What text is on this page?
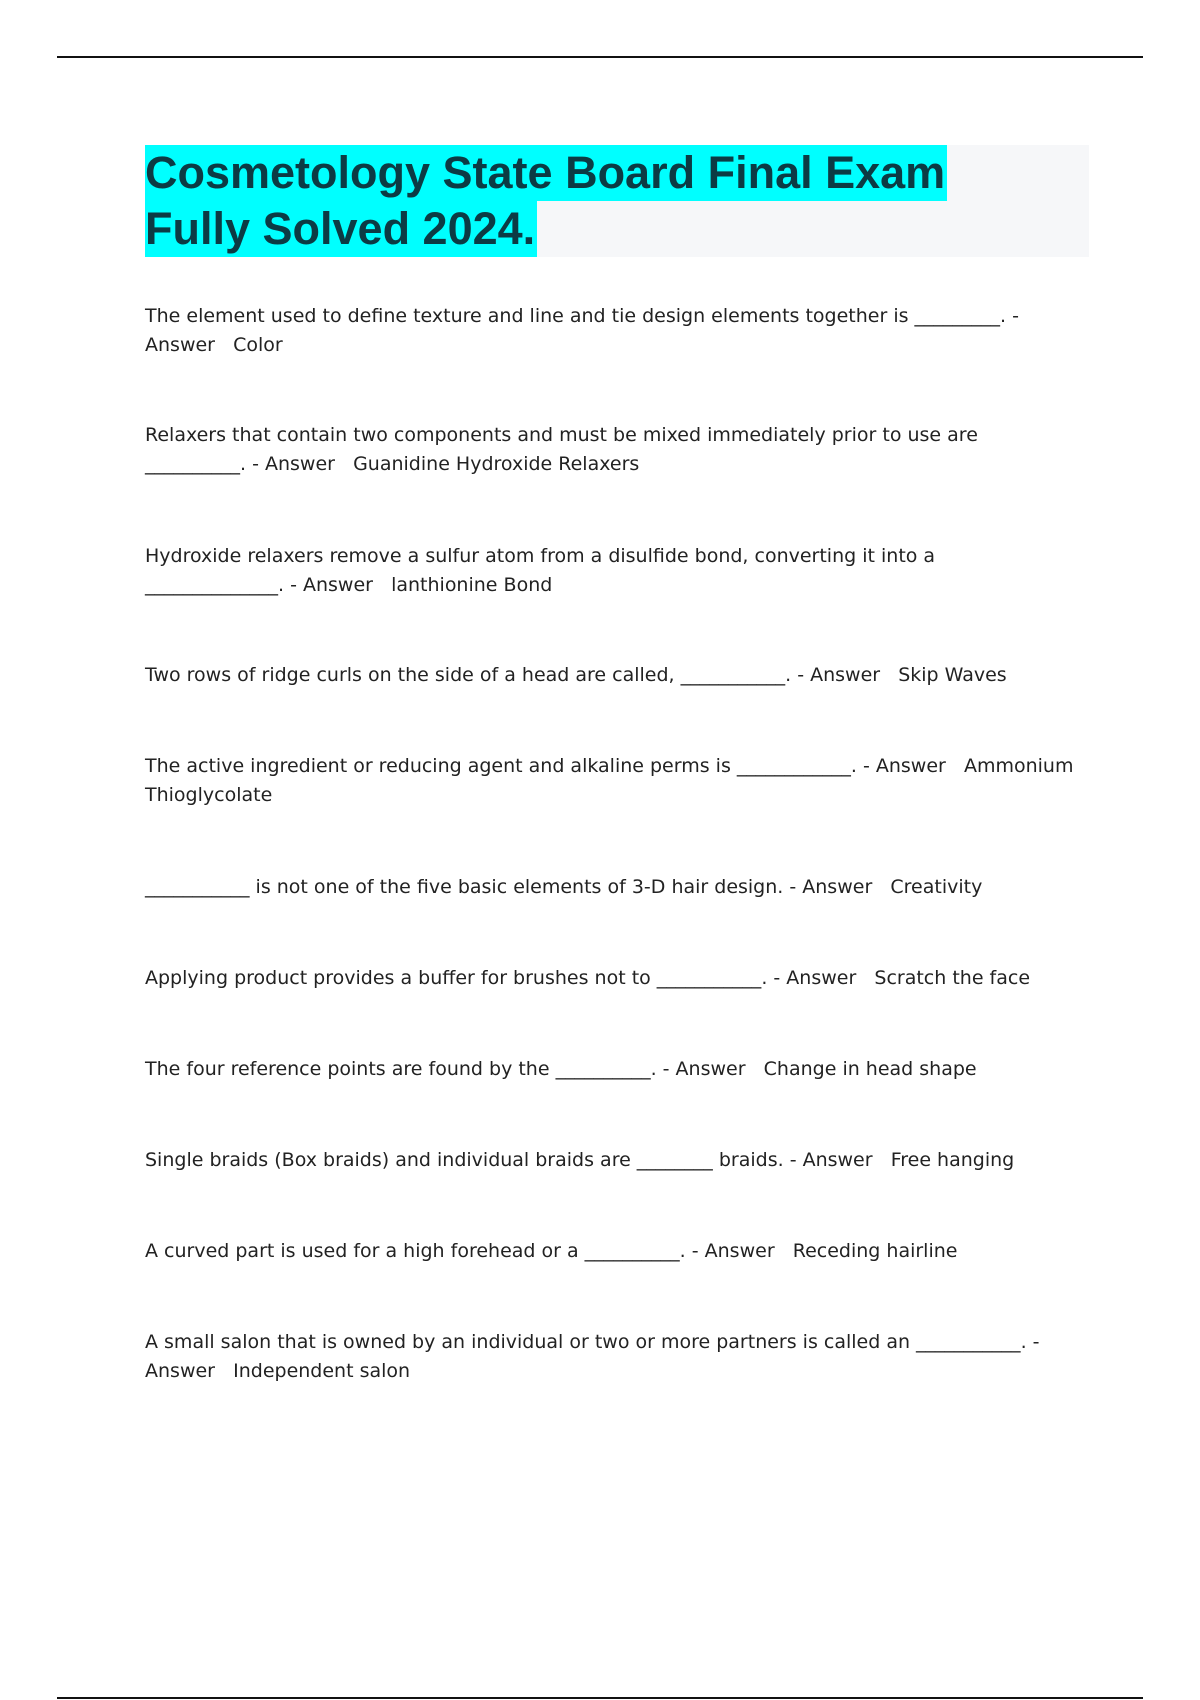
Cosmetology State Board Final Exam
Fully Solved 2024.
The element used to define texture and line and tie design elements together is _________. - Answer   Color
Relaxers that contain two components and must be mixed immediately prior to use are __________. - Answer   Guanidine Hydroxide Relaxers
Hydroxide relaxers remove a sulfur atom from a disulfide bond, converting it into a ______________. - Answer   lanthionine Bond
Two rows of ridge curls on the side of a head are called, ___________. - Answer   Skip Waves
The active ingredient or reducing agent and alkaline perms is ____________. - Answer   Ammonium Thioglycolate
___________ is not one of the five basic elements of 3-D hair design. - Answer   Creativity
Applying product provides a buffer for brushes not to ___________. - Answer   Scratch the face
The four reference points are found by the __________. - Answer   Change in head shape
Single braids (Box braids) and individual braids are ________ braids. - Answer   Free hanging
A curved part is used for a high forehead or a __________. - Answer   Receding hairline
A small salon that is owned by an individual or two or more partners is called an ___________. - Answer   Independent salon
